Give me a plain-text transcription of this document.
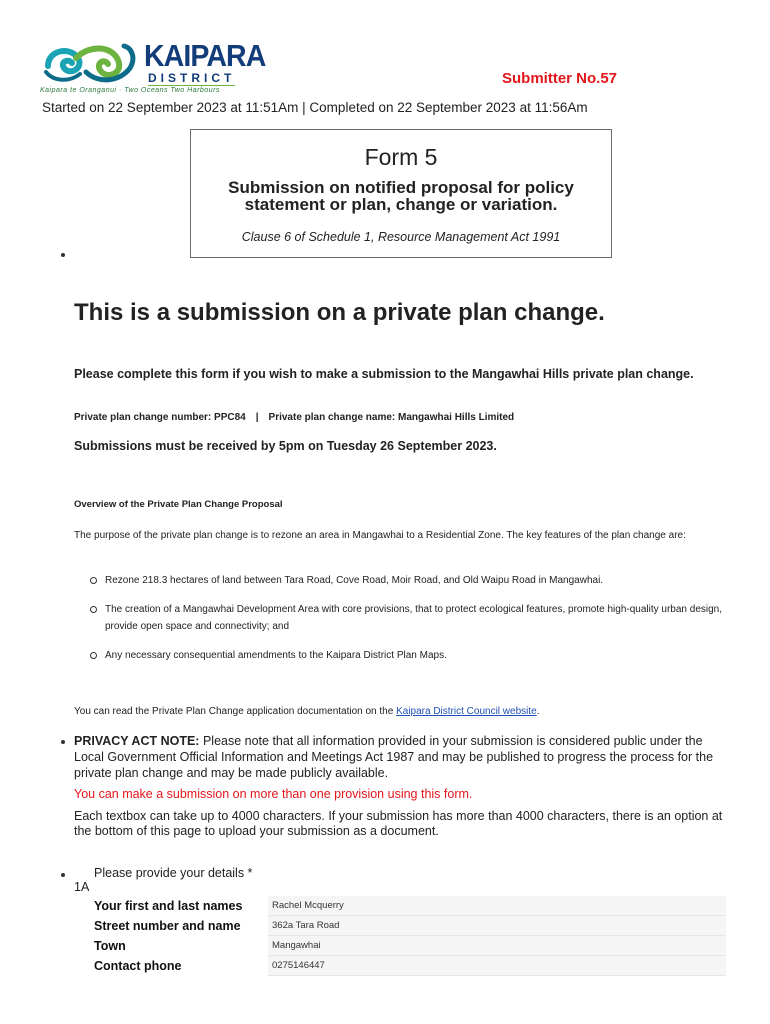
KAIPARA
DISTRICT
Kaipara te Oranganui · Two Oceans Two Harbours
Submitter No.57
Started on 22 September 2023 at 11:51Am | Completed on 22 September 2023 at 11:56Am
Form 5
Submission on notified proposal for policy
statement or plan, change or variation.
Clause 6 of Schedule 1, Resource Management Act 1991
This is a submission on a private plan change.
Please complete this form if you wish to make a submission to the Mangawhai Hills private plan change.
Private plan change number: PPC84 | Private plan change name: Mangawhai Hills Limited
Submissions must be received by 5pm on Tuesday 26 September 2023.
Overview of the Private Plan Change Proposal
The purpose of the private plan change is to rezone an area in Mangawhai to a Residential Zone. The key features of the plan change are:
Rezone 218.3 hectares of land between Tara Road, Cove Road, Moir Road, and Old Waipu Road in Mangawhai.
The creation of a Mangawhai Development Area with core provisions, that to protect ecological features, promote high-quality urban design, provide open space and connectivity; and
Any necessary consequential amendments to the Kaipara District Plan Maps.
You can read the Private Plan Change application documentation on the Kaipara District Council website.
PRIVACY ACT NOTE: Please note that all information provided in your submission is considered public under the Local Government Official Information and Meetings Act 1987 and may be published to progress the process for the private plan change and may be made publicly available.
You can make a submission on more than one provision using this form.
Each textbox can take up to 4000 characters. If your submission has more than 4000 characters, there is an option at the bottom of this page to upload your submission as a document.
Please provide your details *
1A
Your first and last names	Rachel Mcquerry
Street number and name	362a Tara Road
Town	Mangawhai
Contact phone	0275146447
